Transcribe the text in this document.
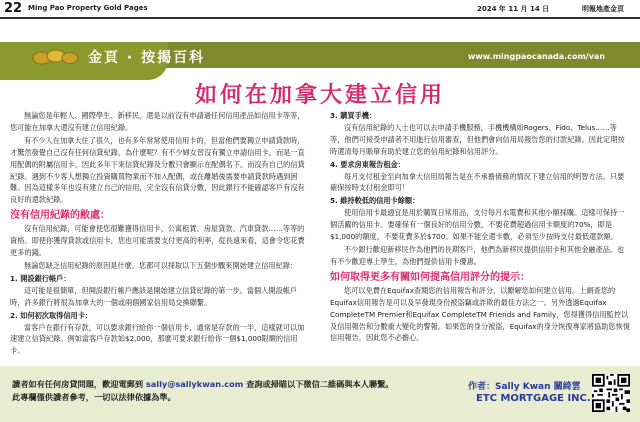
22 Ming Pao Property Gold Pages	2024 年 11 月 14 日	明報地產金頁
金頁 · 按揭百科	www.mingpaocanada.com/van
如何在加拿大建立信用

無論您是年輕人、國際學生、新移民，還是以前沒有申請過任何信用產品如信用卡等等，您可能在加拿大還沒有建立信用紀錄。

有不少人在加拿大住了很久，也有多年常常使用信用卡的，但當他們要獨立申請貸款時，才驚然發覺自己沒有任何信貸紀錄。為什麼呢？有不少婦女習沒有獨立申請信用卡，而是一直用配偶的附屬信用卡，因此多年下來信貸紀錄及分數只會顯示在配偶名下。而沒有自己的信貸紀錄。遇到不少客人想獨立投資購買物業而不加入配偶，或在離婚後需要申請貸款時遇到困難。因為這樣多年也沒有建立自己的信用，完全沒有信貸分數，因此銀行不能確認客戶有沒有良好的還款紀錄。

沒有信用紀錄的敝處：

沒有信用紀錄，可能會使您很難獲得信用卡、公寓租賃、房屋貸款、汽車貸款……等等的資格。即使你獲得貸款或信用卡，您也可能需要支付更高的利率，從長遠來看，這會令您花費更多的錢。

無論您缺乏信用紀錄的原因是什麼，您都可以採取以下五個步驟來開始建立信用紀錄：

1. 開設銀行帳戶：

這可能是很簡單，但開設銀行帳戶應該是開始建立信貸紀錄的第一步。當個人開設帳戶時，許多銀行將很為加拿大的一個或兩個國家信用局交換聯繫。

2. 如何初次取得信用卡：

當客戶在銀行有存款，可以要求銀行給你一個信用卡，通常是存款的一半，這樣就可以加速建立信貸紀錄。例如當客戶存款如$2,000，那麼可要求銀行給你一個$1,000限額的信用卡。

3. 購買手機：

沒有信用紀錄的人士也可以去申請手機服務，手機機構如Rogers、Fido、Telus……等等，他們可接受申請者不用進行信用審查，但他們會向信用局報告您的付款紀錄。因此定期按時還清每月賬單有助於建立您的信用紀錄和信用評分。

4. 要求房東報告租金：

每月支付租金至向加拿大信用局報告是在不承擔債務的情況下建立信用的明智方法。只要確保按時支付租金即可！

5. 維持較低的信用卡餘額：

使用信用卡最適宜是用於購買日常用品，支付每月水電費和其他小額採購。這樣可保持一個活躍的信用卡。要確保有一個良好的信用分數，不要花費超過信用卡額度的70%，即是$1,000的額度，不要花費多於$700。如果不能全還卡數，必須至少按時支付最低還款額。

不少銀行歡迎新移民作為他們的長期客戶，他們為新移民提供信用卡和其他金融產品。也有不少歡迎專上學生，為他們提供信用卡優惠。

如何取得更多有關如何提高信用評分的提示：

您可以免費在Equifax查閱您的信用報告和評分，以瞭解您如何建立信用。上網查您的Equifax信用報告是可以及早發現身份被盜竊或詐欺的最佳方法之一。另外透過Equifax CompleteTM Premier和Equifax CompleteTM Friends and Family，您得獲得信用監控以及信用報告和分數重大變化的警報。如果您的身分被盜，Equifax的身分恢復專家將協助您恢復信用報告，因此您不必擔心。

讀者如有任何房貸問題，歡迎電郵到 sally@sallykwan.com 查詢或掃瞄以下微信二維碼與本人聯繫。
此專欄僅供讀者參考，一切以法律依據為準。
作者：Sally Kwan 關綺雲
ETC MORTGAGE INC.
